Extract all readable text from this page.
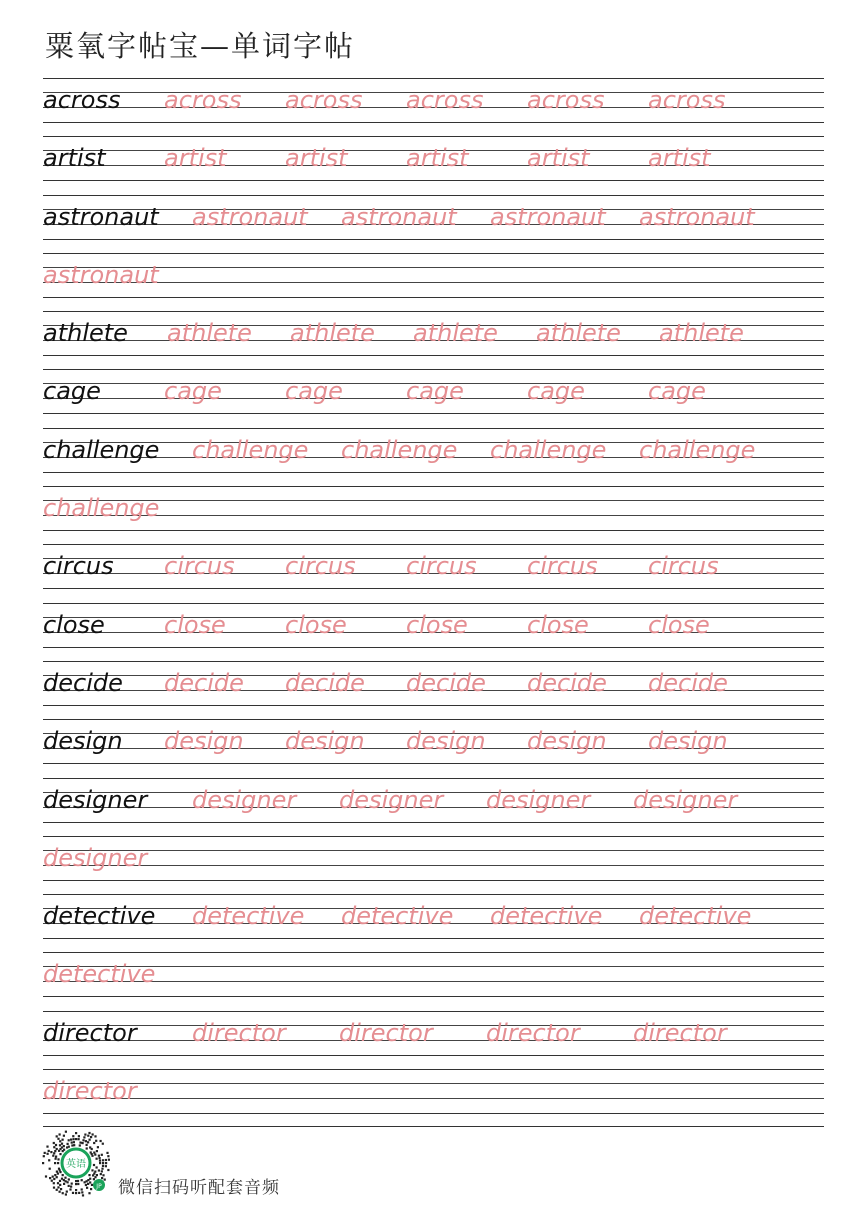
粟氧字帖宝—单词字帖
across across across across across across
artist artist artist artist artist artist
astronaut astronaut astronaut astronaut astronaut
astronaut
athlete athlete athlete athlete athlete athlete
cage	cage	cage	cage	cage	cage
challenge challenge challenge challenge challenge
challenge
circus circus circus circus circus circus
close close close close close close
decide decide decide decide decide decide
design design design design design design
designer designer designer designer designer
designer
detective detective detective detective detective
detective
director director director director director
director
英语
JP 微信扫码听配套音频
